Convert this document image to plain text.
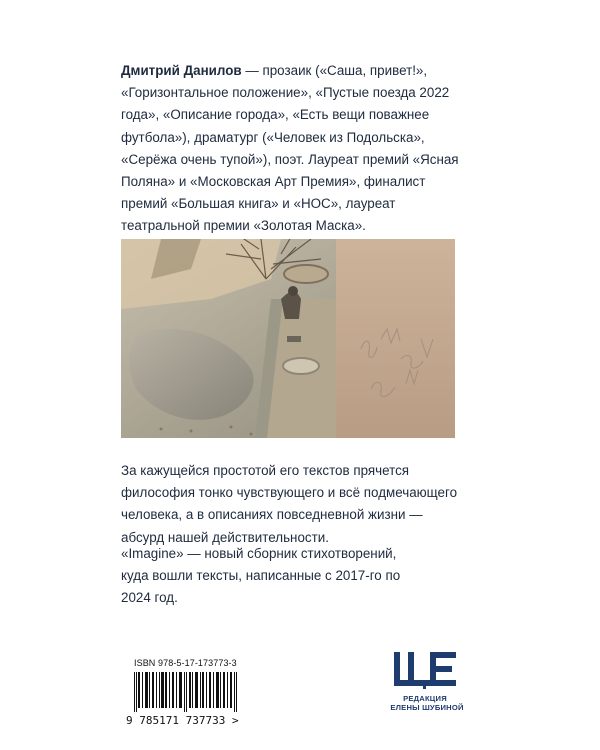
Дмитрий Данилов — прозаик («Саша, привет!», «Горизонтальное положение», «Пустые поезда 2022 года», «Описание города», «Есть вещи поважнее футбола»), драматург («Человек из Подольска», «Серёжа очень тупой»), поэт. Лауреат премий «Ясная Поляна» и «Московская Арт Премия», финалист премий «Большая книга» и «НОС», лауреат театральной премии «Золотая Маска».

За кажущейся простотой его текстов прячется философия тонко чувствующего и всё подмечающего человека, а в описаниях повседневной жизни — абсурд нашей действительности.

«Imagine» — новый сборник стихотворений, куда вошли тексты, написанные с 2017-го по 2024 год.

ISBN 978-5-17-173773-3
9 785171 737733 >
РЕДАКЦИЯ
ЕЛЕНЫ ШУБИНОЙ
